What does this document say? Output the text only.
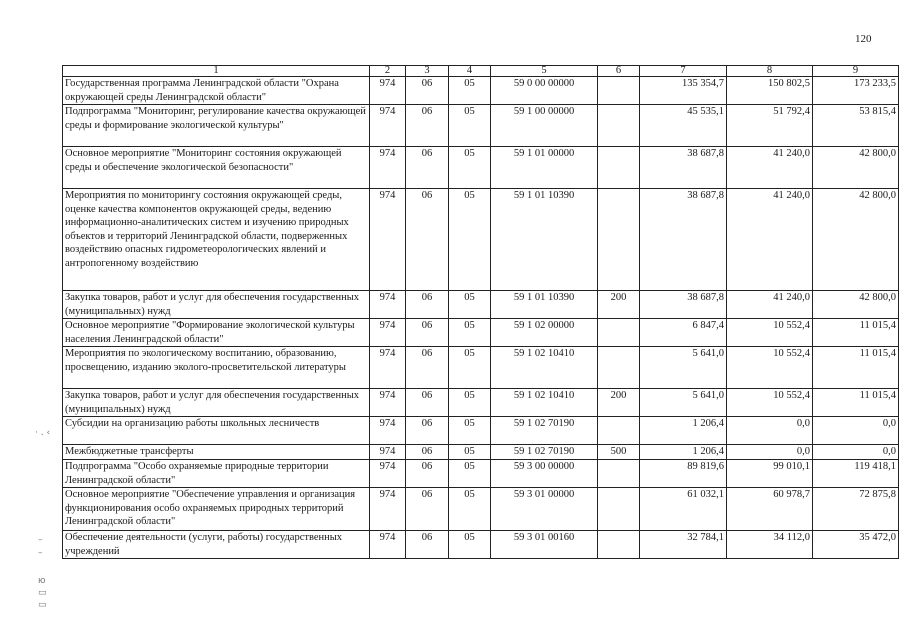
120
· . ‹
–
–
ю
▭
▭
1	2	3	4	5	6	7	8	9
Государственная программа Ленинградской области "Охрана окружающей среды Ленинградской области"	974	06	05	59 0 00 00000		135 354,7	150 802,5	173 233,5
Подпрограмма "Мониторинг, регулирование качества окружающей среды и формирование экологической культуры"	974	06	05	59 1 00 00000		45 535,1	51 792,4	53 815,4
Основное мероприятие "Мониторинг состояния окружающей среды и обеспечение экологической безопасности"	974	06	05	59 1 01 00000		38 687,8	41 240,0	42 800,0
Мероприятия по мониторингу состояния окружающей среды, оценке качества компонентов окружающей среды, ведению информационно-аналитических систем и изучению природных объектов и территорий Ленинградской области, подверженных воздействию опасных гидрометеорологических явлений и антропогенному воздействию	974	06	05	59 1 01 10390		38 687,8	41 240,0	42 800,0
Закупка товаров, работ и услуг для обеспечения государственных (муниципальных) нужд	974	06	05	59 1 01 10390	200	38 687,8	41 240,0	42 800,0
Основное мероприятие "Формирование экологической культуры населения Ленинградской области"	974	06	05	59 1 02 00000		6 847,4	10 552,4	11 015,4
Мероприятия по экологическому воспитанию, образованию, просвещению, изданию эколого-просветительской литературы	974	06	05	59 1 02 10410		5 641,0	10 552,4	11 015,4
Закупка товаров, работ и услуг для обеспечения государственных (муниципальных) нужд	974	06	05	59 1 02 10410	200	5 641,0	10 552,4	11 015,4
Субсидии на организацию работы школьных лесничеств	974	06	05	59 1 02 70190		1 206,4	0,0	0,0
Межбюджетные трансферты	974	06	05	59 1 02 70190	500	1 206,4	0,0	0,0
Подпрограмма "Особо охраняемые природные территории Ленинградской области"	974	06	05	59 3 00 00000		89 819,6	99 010,1	119 418,1
Основное мероприятие "Обеспечение управления и организация функционирования особо охраняемых природных территорий Ленинградской области"	974	06	05	59 3 01 00000		61 032,1	60 978,7	72 875,8
Обеспечение деятельности (услуги, работы) государственных учреждений	974	06	05	59 3 01 00160		32 784,1	34 112,0	35 472,0
